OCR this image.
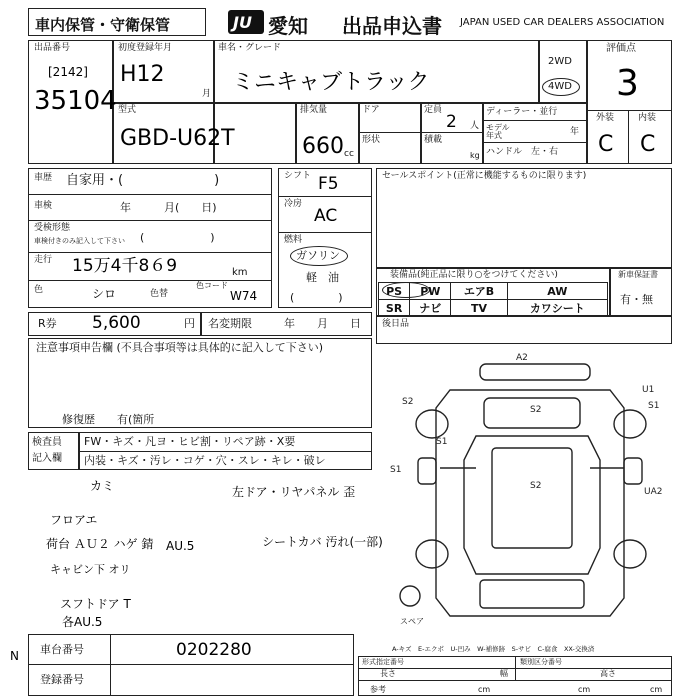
車内保管・守衛保管	JU 愛知 出品申込書 JAPAN USED CAR DEALERS ASSOCIATION
出品番号
[2142]
35104
初度登録年月
H12
月
車名・グレード
ミニキャブトラック
2WD
4WD
評価点
3
型式
GBD-U62T
排気量
660 cc
ドア
形状
定員
2 人
積載
kg
ディーラー・並行
モデル
年式	年
ハンドル　左・右
外装	内装
C C
車歴 自家用・(　　　　　　　)
車検	年　　　月(　　日)
受検形態
車検付きのみ記入して下さい (　　　　　　)
走行 15万4千8６9	km
色	シロ	色替
色コード
W74
シフト F5
冷房
AC
燃料
ガソリン
軽　油
(　　　　)
セールスポイント(正常に機能するものに限ります)
装備品(純正品に限り○をつけてください)
PS	PW	エアB	AW
SR	ナビ	TV	カワシート
新車保証書
有・無
R券 5,600	円 名変期限	年　　月　　日 後日品
注意事項申告欄 (不具合事項等は具体的に記入して下さい)
修復歴　　有(箇所
検査員
記入欄
FW・キズ・凡ヨ・ヒビ割・リペア跡・X要
内装・キズ・汚レ・コゲ・穴・スレ・キレ・破レ
カミ	左ドア・リヤパネル 歪
フロアエ
荷台 ＡＵ２ ハゲ 錆
キャビン下 オリ
AU.5	シートカバ 汚れ(一部)
スフトドア T
各AU.5
A2
U1
S1
S2
S2
S2
S1
S1
UA2
スペア
A-キズ　E-エクボ　U-凹み　W-補修跡　S-サビ　C-腐食　XX-交換済
N 車台番号	0202280
登録番号
形式指定番号	類別区分番号
長さ	幅	高さ
参考	cm	cm	cm
